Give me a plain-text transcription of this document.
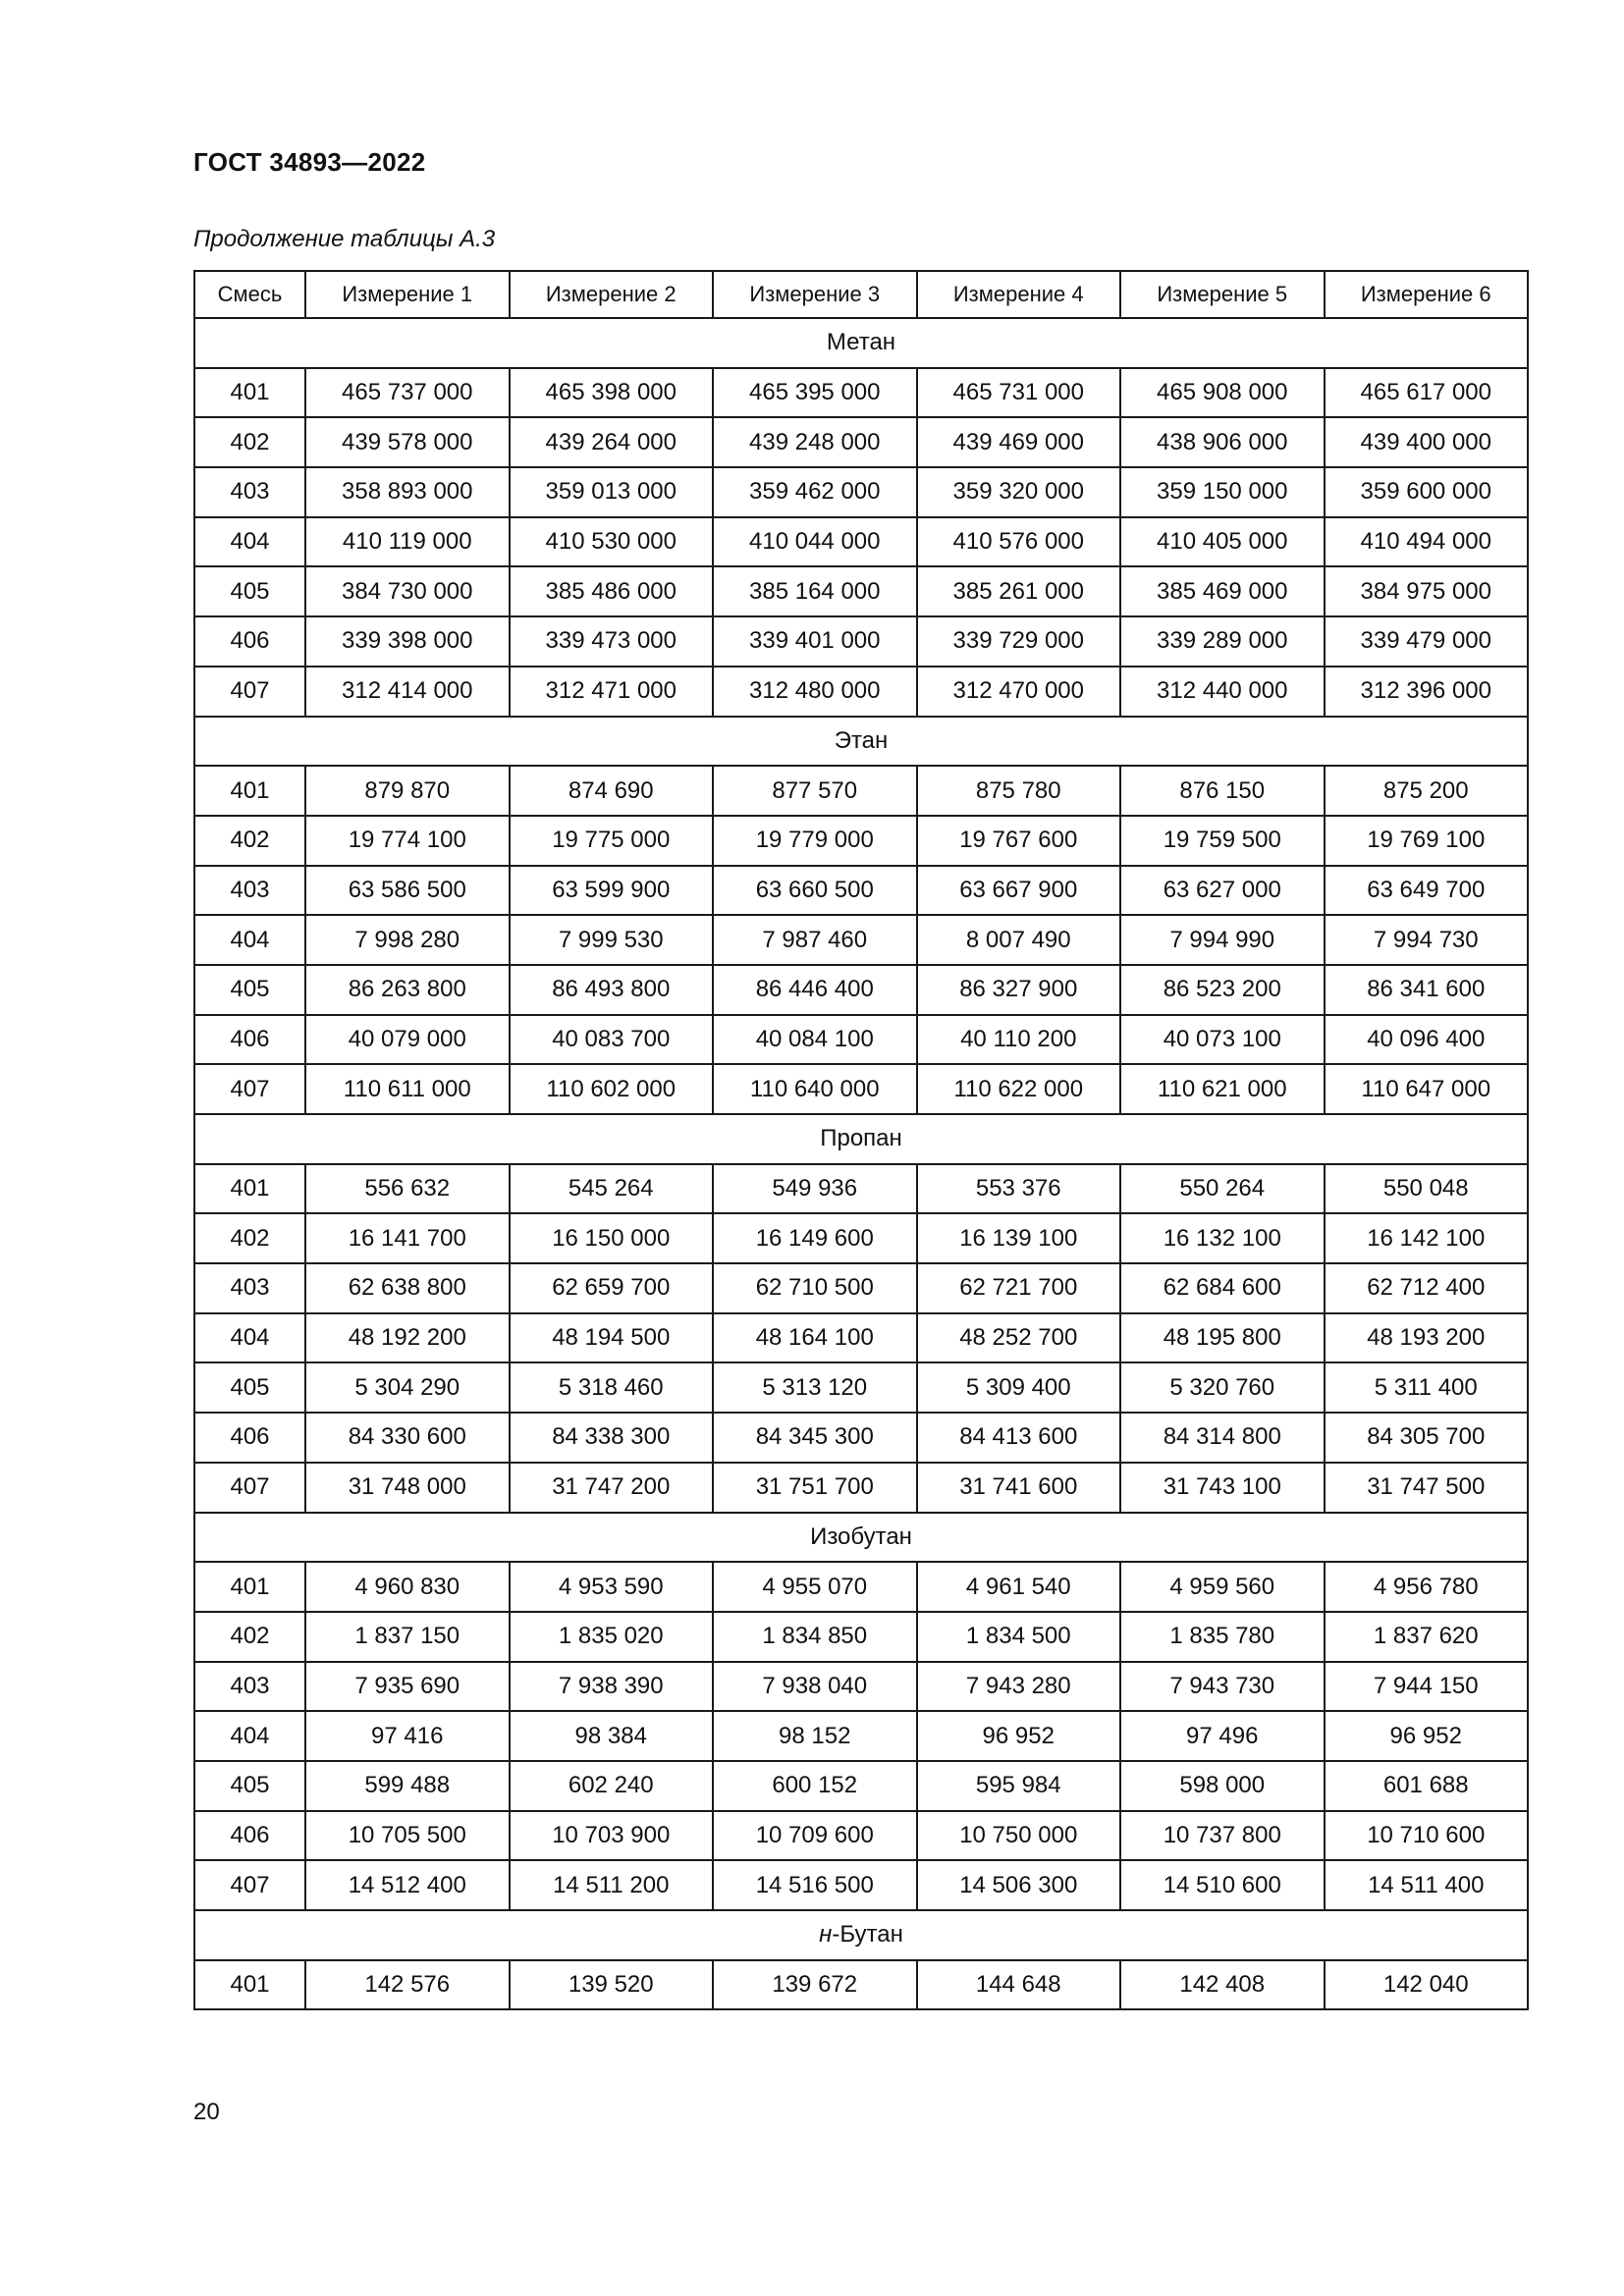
ГОСТ 34893—2022
Продолжение таблицы А.3
Смесь	Измерение 1	Измерение 2	Измерение 3	Измерение 4	Измерение 5	Измерение 6
Метан						
401	465 737 000	465 398 000	465 395 000	465 731 000	465 908 000	465 617 000
402	439 578 000	439 264 000	439 248 000	439 469 000	438 906 000	439 400 000
403	358 893 000	359 013 000	359 462 000	359 320 000	359 150 000	359 600 000
404	410 119 000	410 530 000	410 044 000	410 576 000	410 405 000	410 494 000
405	384 730 000	385 486 000	385 164 000	385 261 000	385 469 000	384 975 000
406	339 398 000	339 473 000	339 401 000	339 729 000	339 289 000	339 479 000
407	312 414 000	312 471 000	312 480 000	312 470 000	312 440 000	312 396 000
Этан						
401	879 870	874 690	877 570	875 780	876 150	875 200
402	19 774 100	19 775 000	19 779 000	19 767 600	19 759 500	19 769 100
403	63 586 500	63 599 900	63 660 500	63 667 900	63 627 000	63 649 700
404	7 998 280	7 999 530	7 987 460	8 007 490	7 994 990	7 994 730
405	86 263 800	86 493 800	86 446 400	86 327 900	86 523 200	86 341 600
406	40 079 000	40 083 700	40 084 100	40 110 200	40 073 100	40 096 400
407	110 611 000	110 602 000	110 640 000	110 622 000	110 621 000	110 647 000
Пропан						
401	556 632	545 264	549 936	553 376	550 264	550 048
402	16 141 700	16 150 000	16 149 600	16 139 100	16 132 100	16 142 100
403	62 638 800	62 659 700	62 710 500	62 721 700	62 684 600	62 712 400
404	48 192 200	48 194 500	48 164 100	48 252 700	48 195 800	48 193 200
405	5 304 290	5 318 460	5 313 120	5 309 400	5 320 760	5 311 400
406	84 330 600	84 338 300	84 345 300	84 413 600	84 314 800	84 305 700
407	31 748 000	31 747 200	31 751 700	31 741 600	31 743 100	31 747 500
Изобутан						
401	4 960 830	4 953 590	4 955 070	4 961 540	4 959 560	4 956 780
402	1 837 150	1 835 020	1 834 850	1 834 500	1 835 780	1 837 620
403	7 935 690	7 938 390	7 938 040	7 943 280	7 943 730	7 944 150
404	97 416	98 384	98 152	96 952	97 496	96 952
405	599 488	602 240	600 152	595 984	598 000	601 688
406	10 705 500	10 703 900	10 709 600	10 750 000	10 737 800	10 710 600
407	14 512 400	14 511 200	14 516 500	14 506 300	14 510 600	14 511 400
н-Бутан						
401	142 576	139 520	139 672	144 648	142 408	142 040
20
